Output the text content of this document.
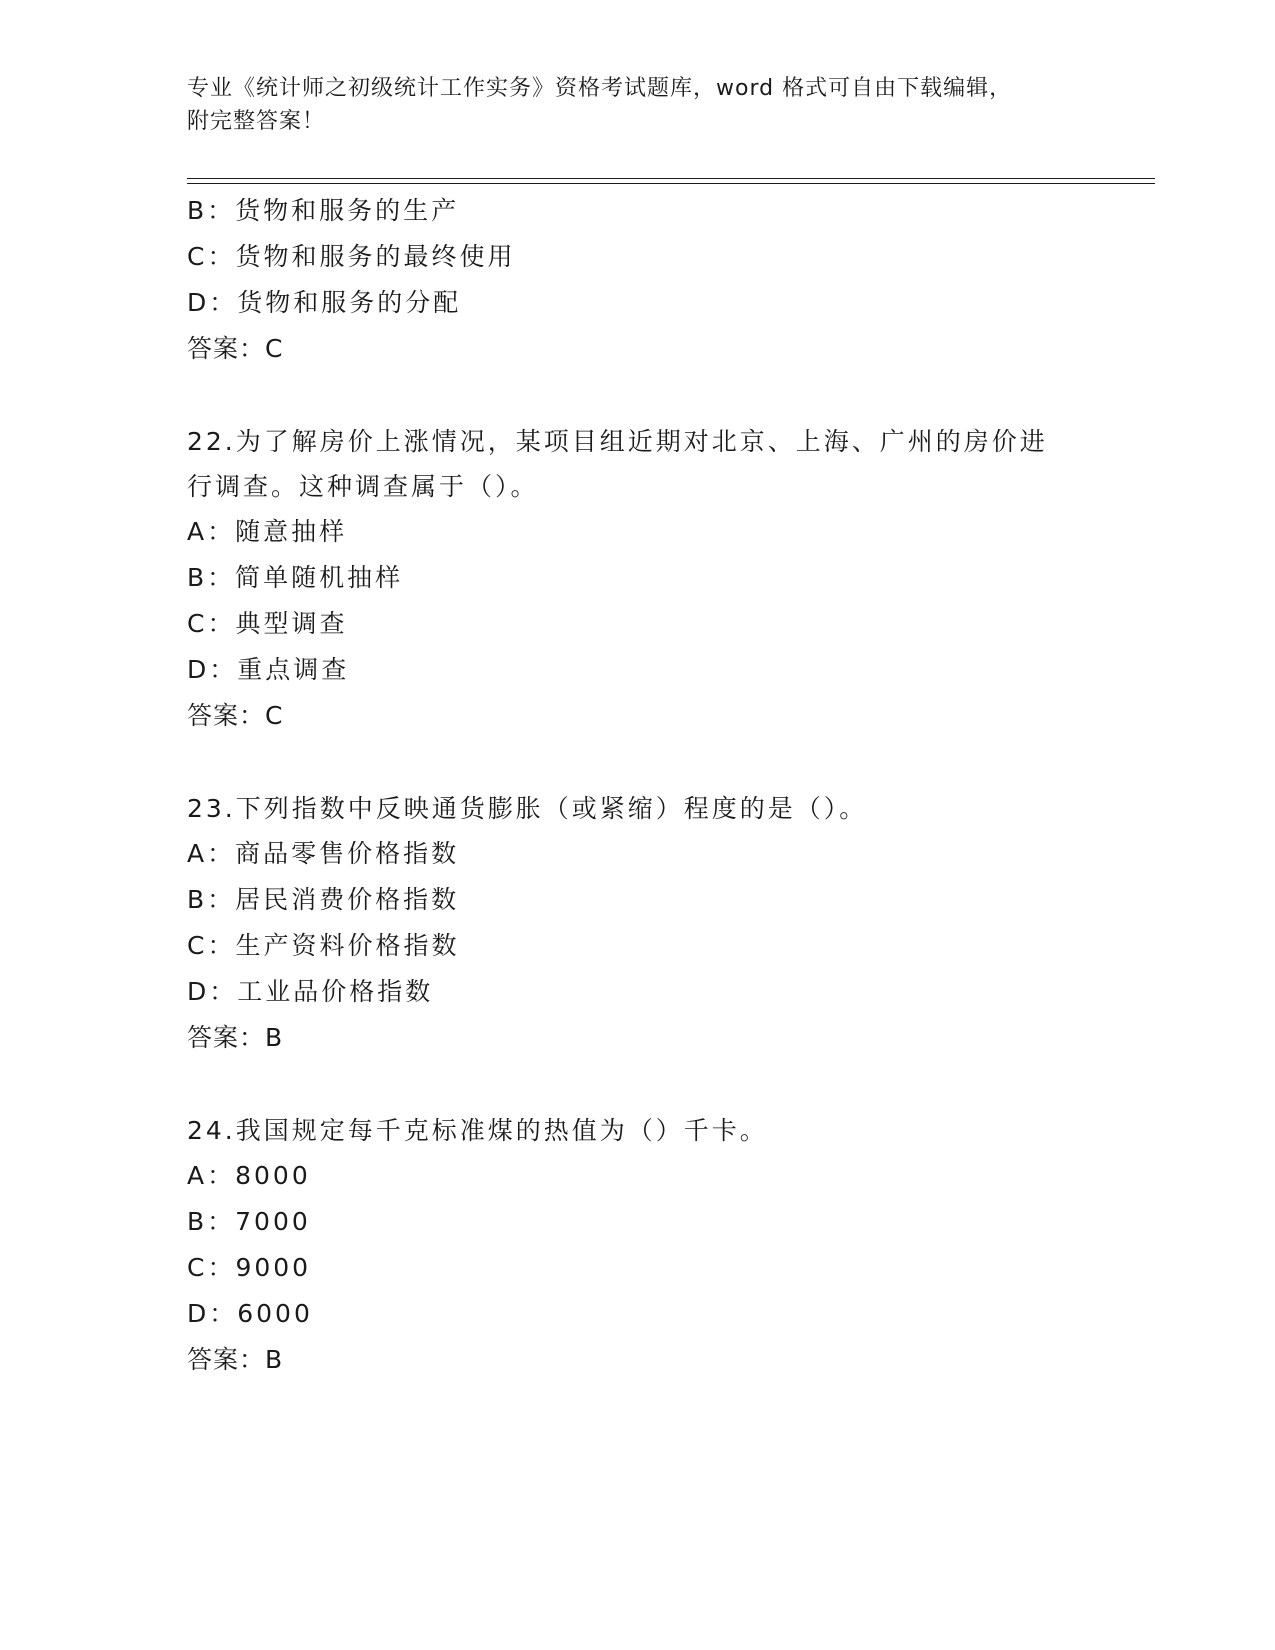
专业《统计师之初级统计工作实务》资格考试题库，word 格式可自由下载编辑，
附完整答案！
B：货物和服务的生产
C：货物和服务的最终使用
D：货物和服务的分配
答案：C
22.为了解房价上涨情况，某项目组近期对北京、上海、广州的房价进
行调查。这种调查属于（）。
A：随意抽样
B：简单随机抽样
C：典型调查
D：重点调查
答案：C
23.下列指数中反映通货膨胀（或紧缩）程度的是（）。
A：商品零售价格指数
B：居民消费价格指数
C：生产资料价格指数
D：工业品价格指数
答案：B
24.我国规定每千克标准煤的热值为（）千卡。
A：8000
B：7000
C：9000
D：6000
答案：B
